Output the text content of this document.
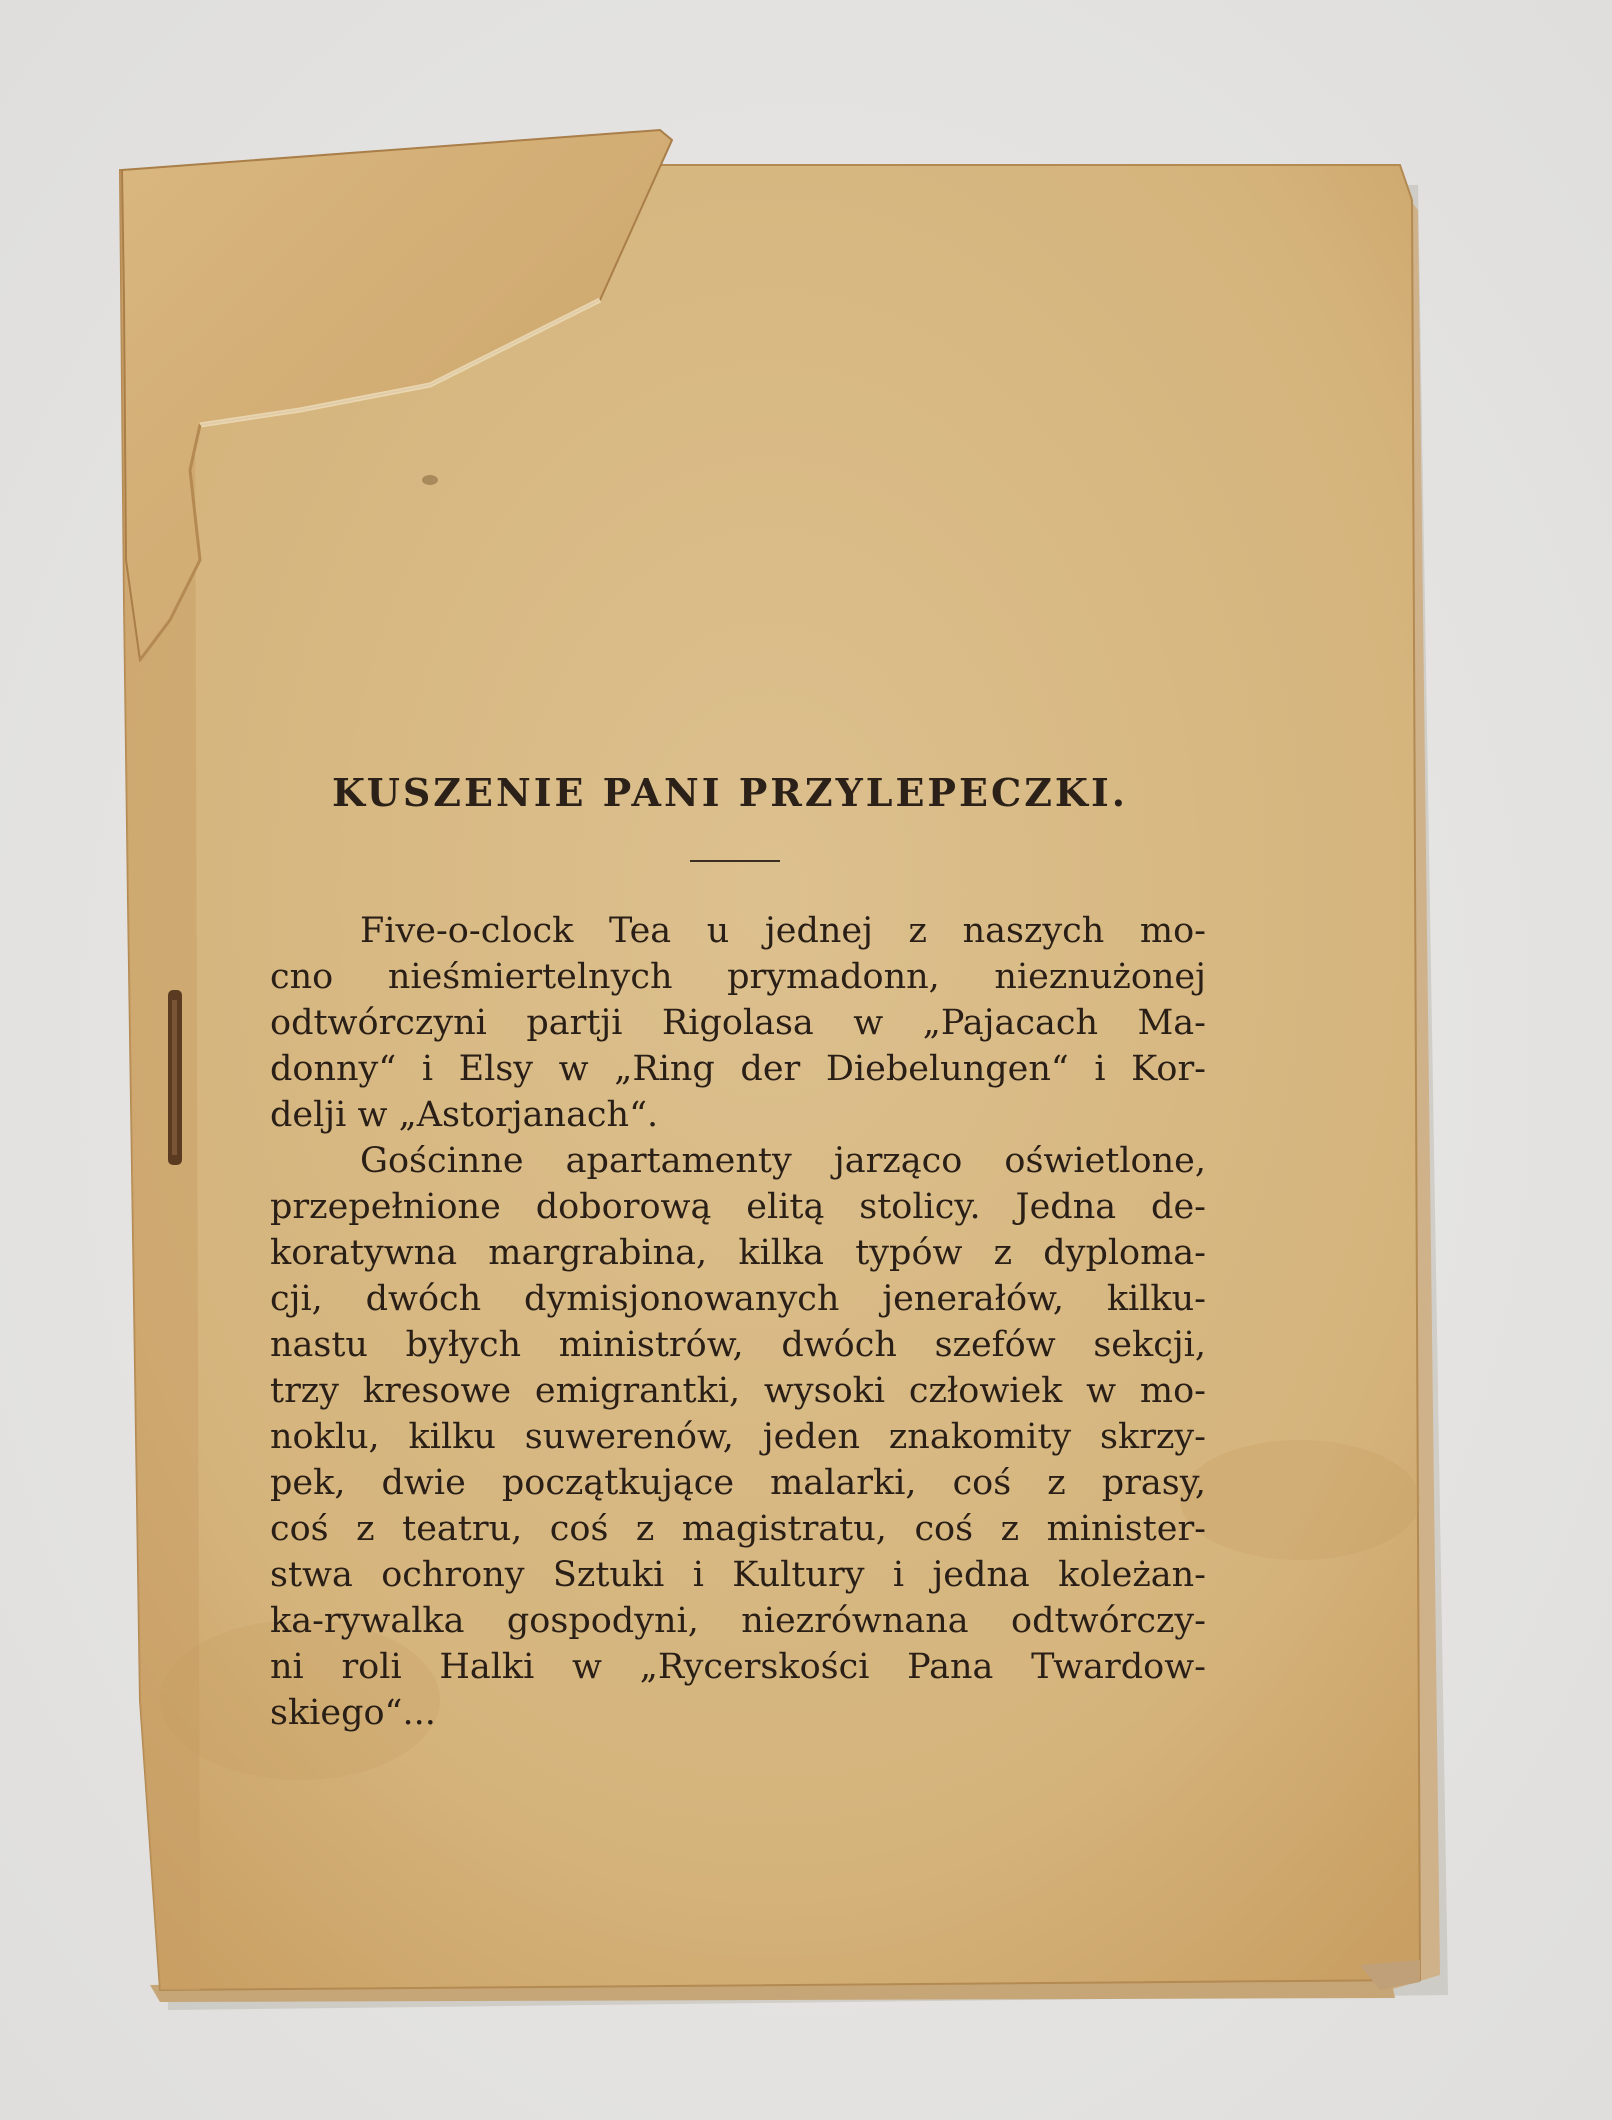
KUSZENIE PANI PRZYLEPECZKI.
Five-o-clock Tea u jednej z naszych mo-
cno nieśmiertelnych prymadonn, nieznużonej
odtwórczyni partji Rigolasa w „Pajacach Ma-
donny“ i Elsy w „Ring der Diebelungen“ i Kor-
delji w „Astorjanach“.
Gościnne apartamenty jarząco oświetlone,
przepełnione doborową elitą stolicy. Jedna de-
koratywna margrabina, kilka typów z dyploma-
cji, dwóch dymisjonowanych jenerałów, kilku-
nastu byłych ministrów, dwóch szefów sekcji,
trzy kresowe emigrantki, wysoki człowiek w mo-
noklu, kilku suwerenów, jeden znakomity skrzy-
pek, dwie początkujące malarki, coś z prasy,
coś z teatru, coś z magistratu, coś z minister-
stwa ochrony Sztuki i Kultury i jedna koleżan-
ka-rywalka gospodyni, niezrównana odtwórczy-
ni roli Halki w „Rycerskości Pana Twardow-
skiego“...
